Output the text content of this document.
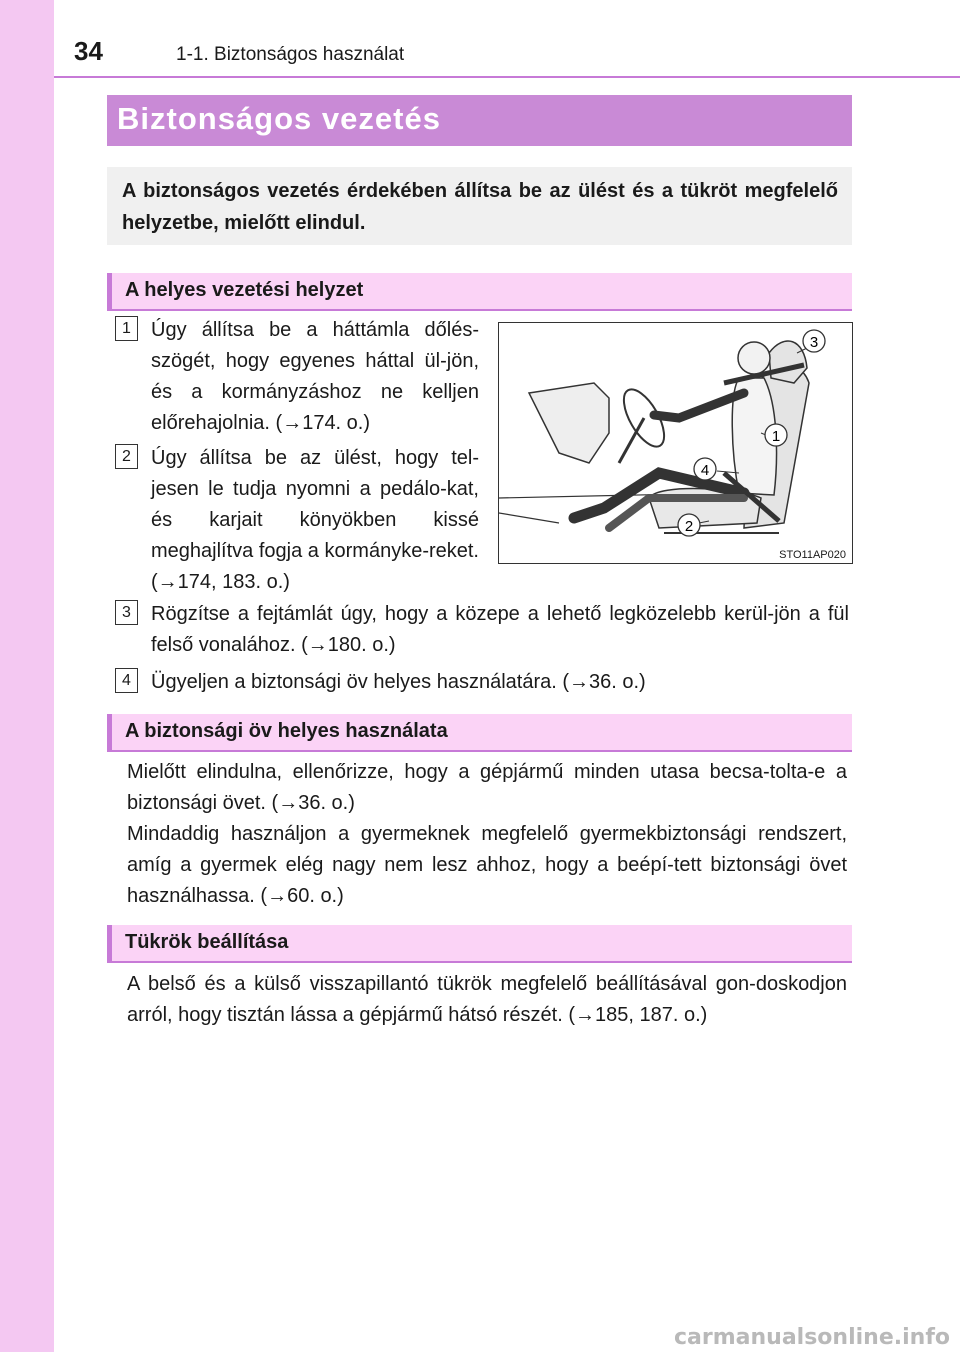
34	1-1. Biztonságos használat
Biztonságos vezetés

A biztonságos vezetés érdekében állítsa be az ülést és a tükröt megfelelő helyzetbe, mielőtt elindul.

A helyes vezetési helyzet
1	Úgy állítsa be a háttámla dőlés-szögét, hogy egyenes háttal ül-jön, és a kormányzáshoz ne kelljen előrehajolnia. (→174. o.)

2	Úgy állítsa be az ülést, hogy tel-jesen le tudja nyomni a pedálo-kat, és karjait könyökben kissé meghajlítva fogja a kormányke-reket. (→174, 183. o.)

3	Rögzítse a fejtámlát úgy, hogy a közepe a lehető legközelebb kerül-jön a fül felső vonalához. (→180. o.)

4	Ügyeljen a biztonsági öv helyes használatára. (→36. o.)

3
1
4
2
STO11AP020
A biztonsági öv helyes használata

Mielőtt elindulna, ellenőrizze, hogy a gépjármű minden utasa becsa-tolta-e a biztonsági övet. (→36. o.)

Mindaddig használjon a gyermeknek megfelelő gyermekbiztonsági rendszert, amíg a gyermek elég nagy nem lesz ahhoz, hogy a beépí-tett biztonsági övet használhassa. (→60. o.)

Tükrök beállítása

A belső és a külső visszapillantó tükrök megfelelő beállításával gon-doskodjon arról, hogy tisztán lássa a gépjármű hátsó részét. (→185, 187. o.)

carmanualsonline.info
